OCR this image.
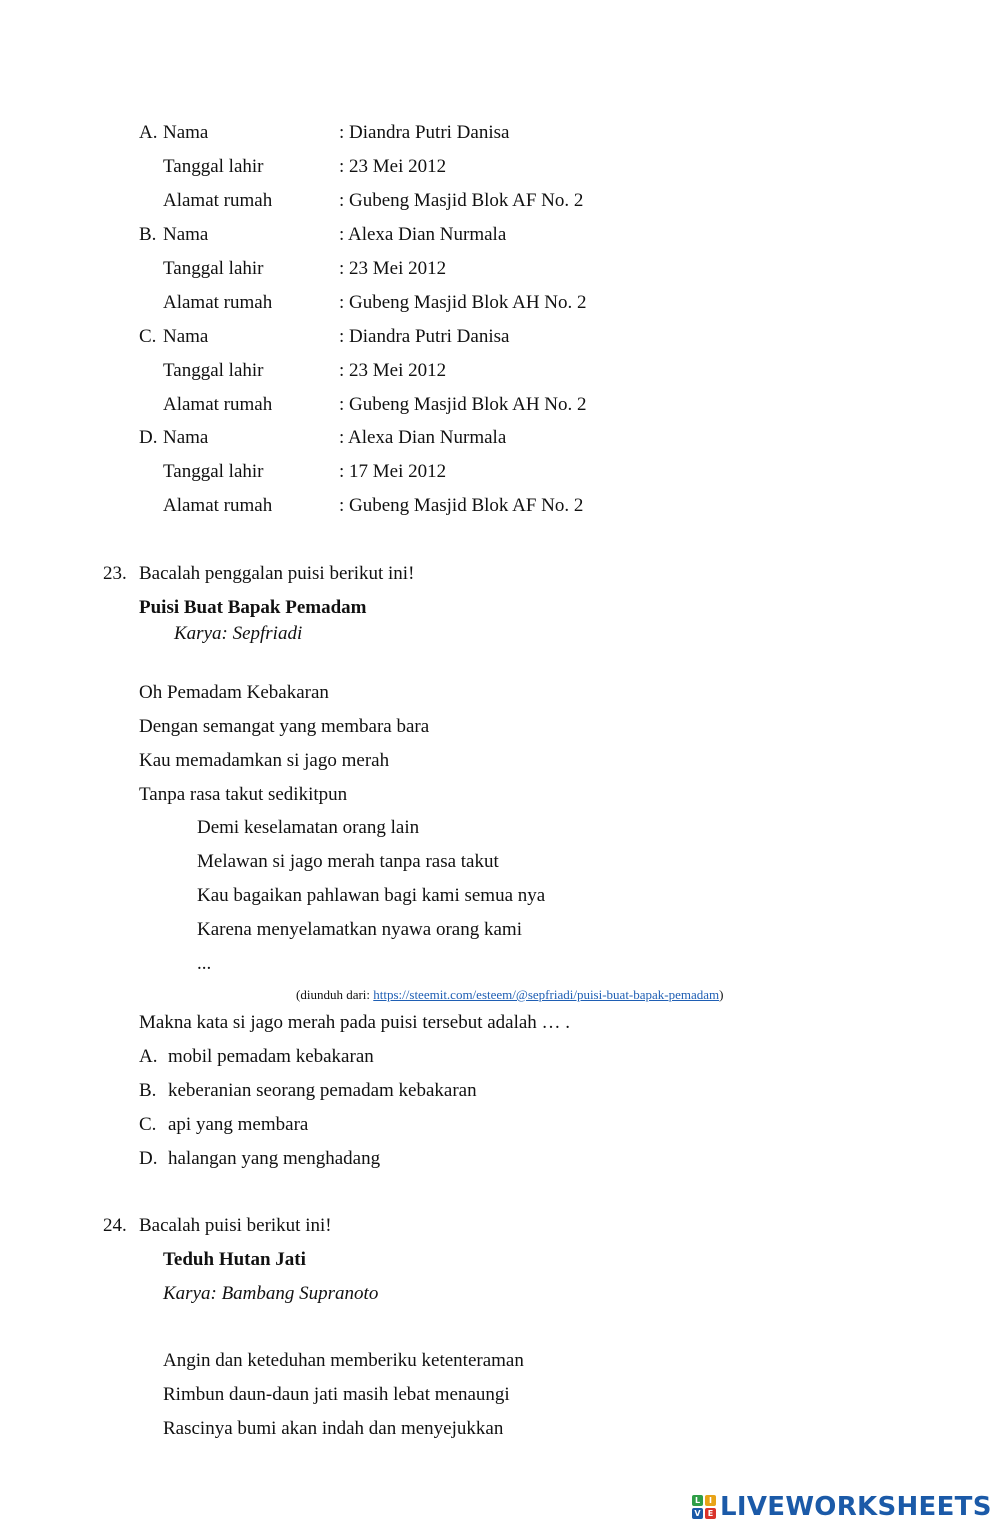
A. Nama	: Diandra Putri Danisa
Tanggal lahir	: 23 Mei 2012
Alamat rumah	: Gubeng Masjid Blok AF No. 2
B. Nama	: Alexa Dian Nurmala
Tanggal lahir	: 23 Mei 2012
Alamat rumah	: Gubeng Masjid Blok AH No. 2
C. Nama	: Diandra Putri Danisa
Tanggal lahir	: 23 Mei 2012
Alamat rumah	: Gubeng Masjid Blok AH No. 2
D. Nama	: Alexa Dian Nurmala
Tanggal lahir	: 17 Mei 2012
Alamat rumah	: Gubeng Masjid Blok AF No. 2
23. Bacalah penggalan puisi berikut ini!
Puisi Buat Bapak Pemadam
Karya: Sepfriadi
Oh Pemadam Kebakaran
Dengan semangat yang membara bara
Kau memadamkan si jago merah
Tanpa rasa takut sedikitpun
Demi keselamatan orang lain
Melawan si jago merah tanpa rasa takut
Kau bagaikan pahlawan bagi kami semua nya
Karena menyelamatkan nyawa orang kami
...
(diunduh dari: https://steemit.com/esteem/@sepfriadi/puisi-buat-bapak-pemadam)
Makna kata si jago merah pada puisi tersebut adalah … .
A. mobil pemadam kebakaran
B. keberanian seorang pemadam kebakaran
C. api yang membara
D. halangan yang menghadang
24. Bacalah puisi berikut ini!
Teduh Hutan Jati
Karya: Bambang Supranoto
Angin dan keteduhan memberiku ketenteraman
Rimbun daun-daun jati masih lebat menaungi
Rascinya bumi akan indah dan menyejukkan
L	I
V E LIVEWORKSHEETS
